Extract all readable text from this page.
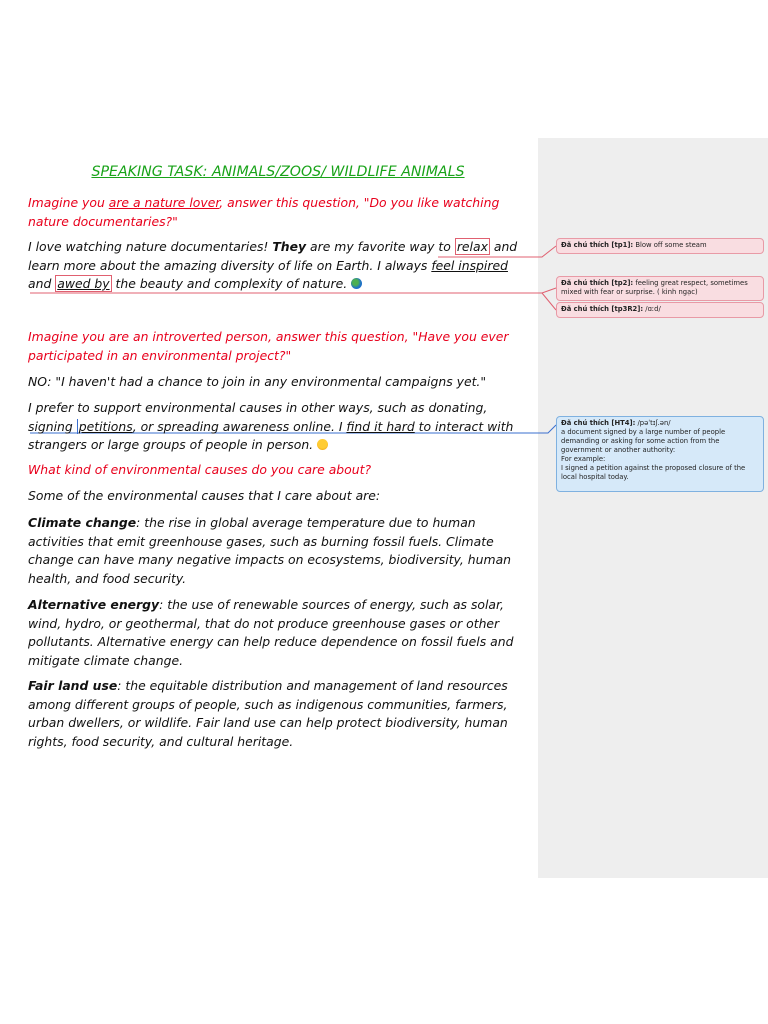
SPEAKING TASK: ANIMALS/ZOOS/ WILDLIFE ANIMALS

Imagine you are a nature lover, answer this question, "Do you like watching nature documentaries?"

I love watching nature documentaries! They are my favorite way to relax and learn more about the amazing diversity of life on Earth. I always feel inspired and awed by the beauty and complexity of nature.

Imagine you are an introverted person, answer this question, "Have you ever participated in an environmental project?"

NO: "I haven't had a chance to join in any environmental campaigns yet."

I prefer to support environmental causes in other ways, such as donating, signing petitions, or spreading awareness online. I find it hard to interact with strangers or large groups of people in person.

What kind of environmental causes do you care about?

Some of the environmental causes that I care about are:

Climate change: the rise in global average temperature due to human activities that emit greenhouse gases, such as burning fossil fuels. Climate change can have many negative impacts on ecosystems, biodiversity, human health, and food security.

Alternative energy: the use of renewable sources of energy, such as solar, wind, hydro, or geothermal, that do not produce greenhouse gases or other pollutants. Alternative energy can help reduce dependence on fossil fuels and mitigate climate change.

Fair land use: the equitable distribution and management of land resources among different groups of people, such as indigenous communities, farmers, urban dwellers, or wildlife. Fair land use can help protect biodiversity, human rights, food security, and cultural heritage.

Đã chú thích [tp1]: Blow off some steam
Đã chú thích [tp2]: feeling great respect, sometimes mixed with fear or surprise. ( kinh ngạc)
Đã chú thích [tp3R2]: /ɑːd/
Đã chú thích [HT4]: /pəˈtɪʃ.ən/
a document signed by a large number of people demanding or asking for some action from the government or another authority:
For example:
I signed a petition against the proposed closure of the local hospital today.
